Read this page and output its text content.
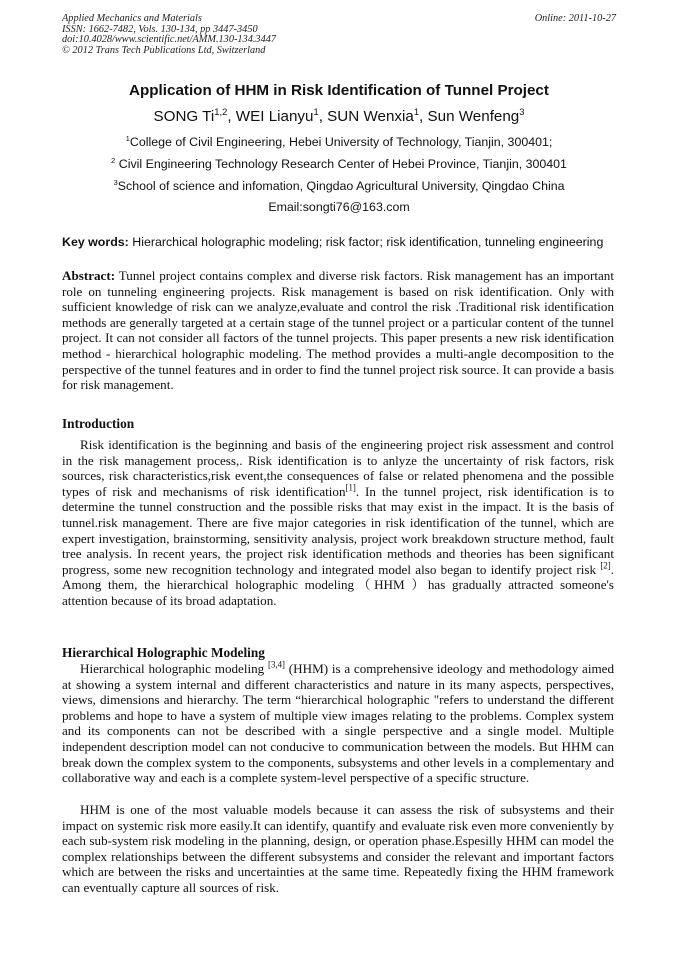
Applied Mechanics and Materials
ISSN: 1662-7482, Vols. 130-134, pp 3447-3450
doi:10.4028/www.scientific.net/AMM.130-134.3447
© 2012 Trans Tech Publications Ltd, Switzerland
Online: 2011-10-27
Application of HHM in Risk Identification of Tunnel Project
SONG Ti$^{1,2}$, WEI Lianyu$^1$, SUN Wenxia$^1$, Sun Wenfeng$^3$
$^1$College of Civil Engineering, Hebei University of Technology, Tianjin, 300401;
$^2$ Civil Engineering Technology Research Center of Hebei Province, Tianjin, 300401
$^3$School of science and infomation, Qingdao Agricultural University, Qingdao China
Email:songti76@163.com
Key words: Hierarchical holographic modeling; risk factor; risk identification, tunneling engineering
Abstract: Tunnel project contains complex and diverse risk factors. Risk management has an important role on tunneling engineering projects. Risk management is based on risk identification. Only with sufficient knowledge of risk can we analyze,evaluate and control the risk .Traditional risk identification methods are generally targeted at a certain stage of the tunnel project or a particular content of the tunnel project. It can not consider all factors of the tunnel projects. This paper presents a new risk identification method - hierarchical holographic modeling. The method provides a multi-angle decomposition to the perspective of the tunnel features and in order to find the tunnel project risk source. It can provide a basis for risk management.
Introduction
Risk identification is the beginning and basis of the engineering project risk assessment and control in the risk management process,. Risk identification is to anlyze the uncertainty of risk factors, risk sources, risk characteristics,risk event,the consequences of false or related phenomena and the possible types of risk and mechanisms of risk identification[1]. In the tunnel project, risk identification is to determine the tunnel construction and the possible risks that may exist in the impact. It is the basis of tunnel.risk management. There are five major categories in risk identification of the tunnel, which are expert investigation, brainstorming, sensitivity analysis, project work breakdown structure method, fault tree analysis. In recent years, the project risk identification methods and theories has been significant progress, some new recognition technology and integrated model also began to identify project risk [2]. Among them, the hierarchical holographic modeling（HHM ）has gradually attracted someone's attention because of its broad adaptation.
Hierarchical Holographic Modeling
Hierarchical holographic modeling [3,4] (HHM) is a comprehensive ideology and methodology aimed at showing a system internal and different characteristics and nature in its many aspects, perspectives, views, dimensions and hierarchy. The term “hierarchical holographic "refers to understand the different problems and hope to have a system of multiple view images relating to the problems. Complex system and its components can not be described with a single perspective and a single model. Multiple independent description model can not conducive to communication between the models. But HHM can break down the complex system to the components, subsystems and other levels in a complementary and collaborative way and each is a complete system-level perspective of a specific structure.
HHM is one of the most valuable models because it can assess the risk of subsystems and their impact on systemic risk more easily.It can identify, quantify and evaluate risk even more conveniently by each sub-system risk modeling in the planning, design, or operation phase.Espesilly HHM can model the complex relationships between the different subsystems and consider the relevant and important factors which are between the risks and uncertainties at the same time. Repeatedly fixing the HHM framework can eventually capture all sources of risk.
